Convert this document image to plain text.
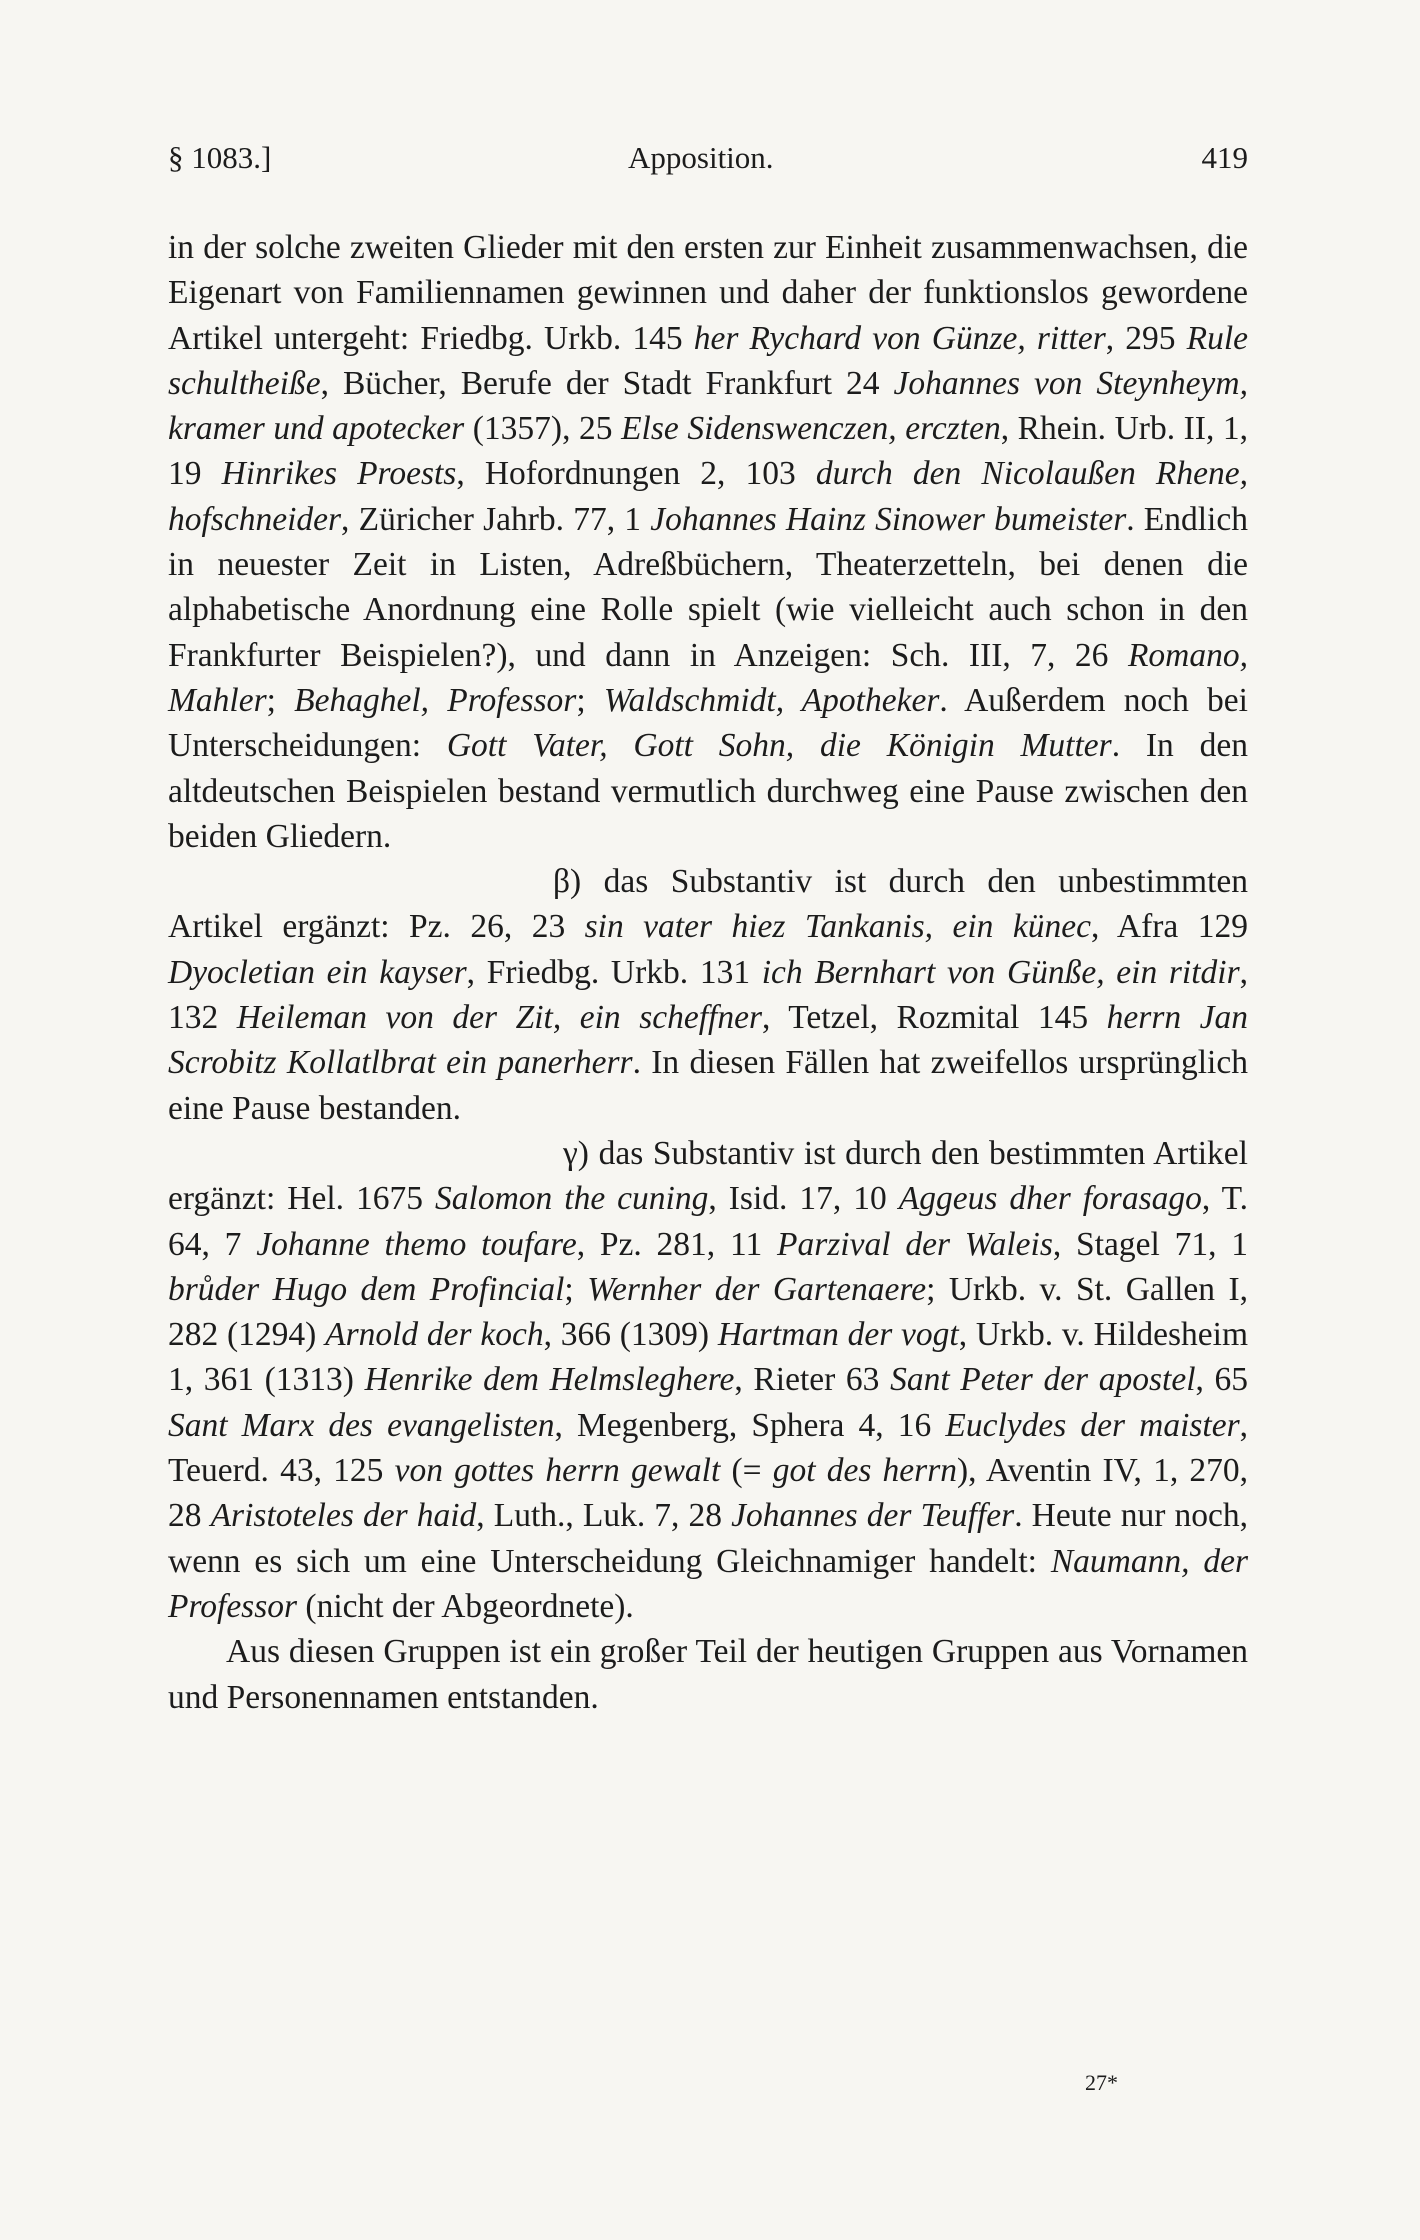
§ 1083.]	Apposition.	419

in der solche zweiten Glieder mit den ersten zur Einheit zusammenwachsen, die Eigenart von Familiennamen gewinnen und daher der funktionslos gewordene Artikel untergeht: Friedbg. Urkb. 145 her Rychard von Günze, ritter, 295 Rule schultheiße, Bücher, Berufe der Stadt Frankfurt 24 Johannes von Steynheym, kramer und apotecker (1357), 25 Else Sidenswenczen, erczten, Rhein. Urb. II, 1, 19 Hinrikes Proests, Hofordnungen 2, 103 durch den Nicolaußen Rhene, hofschneider, Züricher Jahrb. 77, 1 Johannes Hainz Sinower bumeister. Endlich in neuester Zeit in Listen, Adreßbüchern, Theaterzetteln, bei denen die alphabetische Anordnung eine Rolle spielt (wie vielleicht auch schon in den Frankfurter Beispielen?), und dann in Anzeigen: Sch. III, 7, 26 Romano, Mahler; Behaghel, Professor; Waldschmidt, Apotheker. Außerdem noch bei Unterscheidungen: Gott Vater, Gott Sohn, die Königin Mutter. In den altdeutschen Beispielen bestand vermutlich durchweg eine Pause zwischen den beiden Gliedern.

β) das Substantiv ist durch den unbestimmten Artikel ergänzt: Pz. 26, 23 sin vater hiez Tankanis, ein künec, Afra 129 Dyocletian ein kayser, Friedbg. Urkb. 131 ich Bernhart von Günße, ein ritdir, 132 Heileman von der Zit, ein scheffner, Tetzel, Rozmital 145 herrn Jan Scrobitz Kollatlbrat ein panerherr. In diesen Fällen hat zweifellos ursprünglich eine Pause bestanden.

γ) das Substantiv ist durch den bestimmten Artikel ergänzt: Hel. 1675 Salomon the cuning, Isid. 17, 10 Aggeus dher forasago, T. 64, 7 Johanne themo toufare, Pz. 281, 11 Parzival der Waleis, Stagel 71, 1 brůder Hugo dem Profincial; Wernher der Gartenaere; Urkb. v. St. Gallen I, 282 (1294) Arnold der koch, 366 (1309) Hartman der vogt, Urkb. v. Hildesheim 1, 361 (1313) Henrike dem Helmsleghere, Rieter 63 Sant Peter der apostel, 65 Sant Marx des evangelisten, Megenberg, Sphera 4, 16 Euclydes der maister, Teuerd. 43, 125 von gottes herrn gewalt (= got des herrn), Aventin IV, 1, 270, 28 Aristoteles der haid, Luth., Luk. 7, 28 Johannes der Teuffer. Heute nur noch, wenn es sich um eine Unterscheidung Gleichnamiger handelt: Naumann, der Professor (nicht der Abgeordnete).

Aus diesen Gruppen ist ein großer Teil der heutigen Gruppen aus Vornamen und Personennamen entstanden.

27*
